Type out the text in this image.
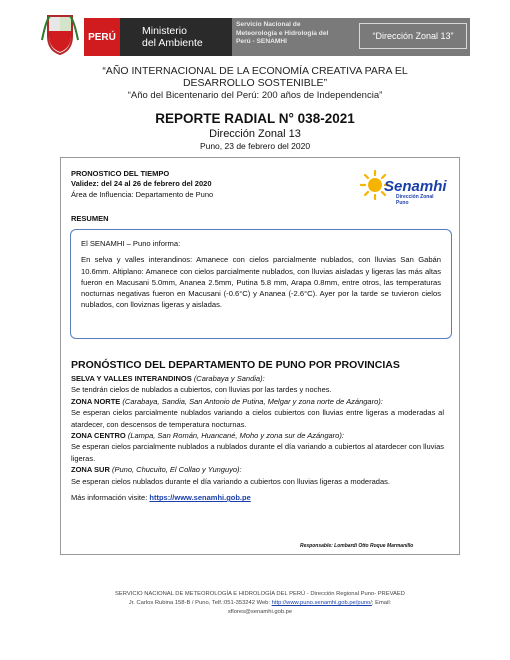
PERÚ	Ministerio
del Ambiente
Servicio Nacional de
Meteorología e Hidrología del
Perú - SENAMHI
“Dirección Zonal 13”
“AÑO INTERNACIONAL DE LA ECONOMÍA CREATIVA PARA EL
DESARROLLO SOSTENIBLE”
“Año del Bicentenario del Perú: 200 años de Independencia”
REPORTE RADIAL N° 038-2021
Dirección Zonal 13
Puno, 23 de febrero del 2020
PRONOSTICO DEL TIEMPO
Validez: del 24 al 26 de febrero del 2020
Área de Influencia: Departamento de Puno
RESUMEN
Senamhi
Dirección Zonal Puno
El SENAMHI – Puno informa:
En selva y valles interandinos: Amanece con cielos parcialmente nublados, con lluvias San Gabán 10.6mm. Altiplano: Amanece con cielos parcialmente nublados, con lluvias aisladas y ligeras las más altas fueron en Macusani 5.0mm, Ananea 2.5mm, Putina 5.8 mm, Arapa 0.8mm, entre otros, las temperaturas nocturnas negativas fueron en Macusani (-0.6°C) y Ananea (-2.6°C). Ayer por la tarde se tuvieron cielos nublados, con lloviznas ligeras y aisladas.
PRONÓSTICO DEL DEPARTAMENTO DE PUNO POR PROVINCIAS
SELVA Y VALLES INTERANDINOS (Carabaya y Sandia):
Se tendrán cielos de nublados a cubiertos, con lluvias por las tardes y noches.
ZONA NORTE (Carabaya, Sandia, San Antonio de Putina, Melgar y zona norte de Azángaro):
Se esperan cielos parcialmente nublados variando a cielos cubiertos con lluvias entre ligeras a moderadas al atardecer, con descensos de temperatura nocturnas.
ZONA CENTRO (Lampa, San Román, Huancané, Moho y zona sur de Azángaro):
Se esperan cielos parcialmente nublados a nublados durante el día variando a cubiertos al atardecer con lluvias ligeras.
ZONA SUR (Puno, Chucuito, El Collao y Yunguyo):
Se esperan cielos nublados durante el día variando a cubiertos con lluvias ligeras a moderadas.
Más información visite: https://www.senamhi.gob.pe
Responsable: Lombardi Otto Roque Marmanillo
SERVICIO NACIONAL DE METEOROLOGÍA E HIDROLOGÍA DEL PERÚ - Dirección Regional Puno- PREVAED
Jr. Carlos Rubina 158-B / Puno, Telf.:051-353242 Web: http://www.puno.senamhi.gob.pe/puno/; Email:
sflores@senamhi.gob.pe
